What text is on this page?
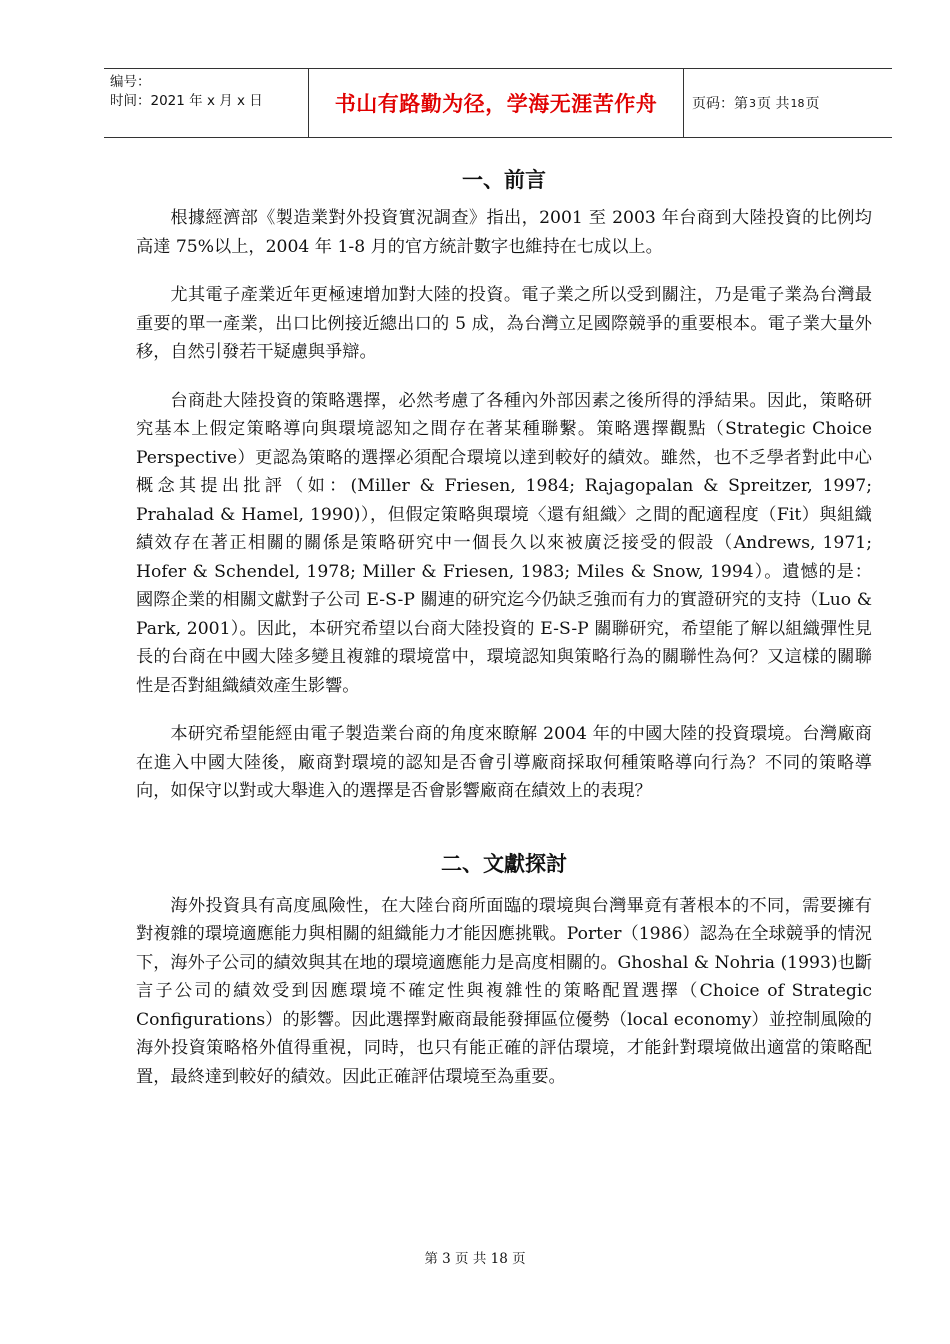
编号：
时间：2021 年 x 月 x 日	书山有路勤为径，学海无涯苦作舟	页码：第 3 页 共 18 页
一、前言

根據經濟部《製造業對外投資實況調查》指出，2001 至 2003 年台商到大陸投資的比例均高達 75%以上，2004 年 1-8 月的官方統計數字也維持在七成以上。

尤其電子產業近年更極速增加對大陸的投資。電子業之所以受到關注，乃是電子業為台灣最重要的單一產業，出口比例接近總出口的 5 成，為台灣立足國際競爭的重要根本。電子業大量外移，自然引發若干疑慮與爭辯。

台商赴大陸投資的策略選擇，必然考慮了各種內外部因素之後所得的淨結果。因此，策略研究基本上假定策略導向與環境認知之間存在著某種聯繫。策略選擇觀點（Strategic Choice Perspective）更認為策略的選擇必須配合環境以達到較好的績效。雖然，也不乏學者對此中心概念其提出批評（如：(Miller & Friesen, 1984; Rajagopalan & Spreitzer, 1997; Prahalad & Hamel, 1990)），但假定策略與環境〈還有組織〉之間的配適程度（Fit）與組織績效存在著正相關的關係是策略研究中一個長久以來被廣泛接受的假設（Andrews, 1971; Hofer & Schendel, 1978; Miller & Friesen, 1983; Miles & Snow, 1994）。遺憾的是：國際企業的相關文獻對子公司 E-S-P 關連的研究迄今仍缺乏強而有力的實證研究的支持（Luo & Park, 2001）。因此，本研究希望以台商大陸投資的 E-S-P 關聯研究，希望能了解以組織彈性見長的台商在中國大陸多變且複雜的環境當中，環境認知與策略行為的關聯性為何？又這樣的關聯性是否對組織績效產生影響。

本研究希望能經由電子製造業台商的角度來瞭解 2004 年的中國大陸的投資環境。台灣廠商在進入中國大陸後，廠商對環境的認知是否會引導廠商採取何種策略導向行為？不同的策略導向，如保守以對或大舉進入的選擇是否會影響廠商在績效上的表現？

二、文獻探討

海外投資具有高度風險性，在大陸台商所面臨的環境與台灣畢竟有著根本的不同，需要擁有對複雜的環境適應能力與相關的組織能力才能因應挑戰。Porter（1986）認為在全球競爭的情況下，海外子公司的績效與其在地的環境適應能力是高度相關的。Ghoshal & Nohria (1993)也斷言子公司的績效受到因應環境不確定性與複雜性的策略配置選擇（Choice of Strategic Configurations）的影響。因此選擇對廠商最能發揮區位優勢（local economy）並控制風險的海外投資策略格外值得重視，同時，也只有能正確的評估環境，才能針對環境做出適當的策略配置，最終達到較好的績效。因此正確評估環境至為重要。

第 3 页 共 18 页
